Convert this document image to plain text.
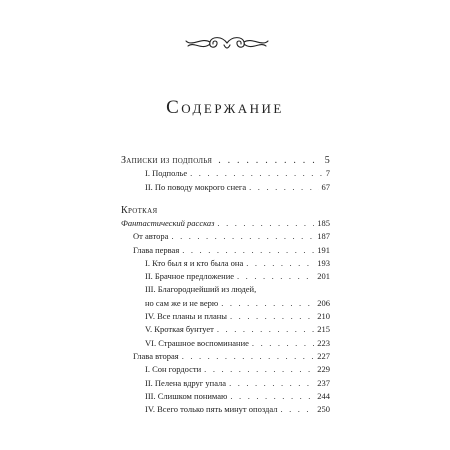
Содержание
Записки из подполья . . .	5
I. Подполье . . .	7
II. По поводу мокрого снега . . .	67
Кроткая
Фантастический рассказ . . .	185
От автора . . .	187
Глава первая . . .	191
I. Кто был я и кто была она . . .	193
II. Брачное предложение . . .	201
III. Благороднейший из людей,
но сам же и не верю . . .	206
IV. Все планы и планы . . .	210
V. Кроткая бунтует . . .	215
VI. Страшное воспоминание . . .	223
Глава вторая . . .	227
I. Сон гордости . . .	229
II. Пелена вдруг упала . . .	237
III. Слишком понимаю . . .	244
IV. Всего только пять минут опоздал . . .	250
